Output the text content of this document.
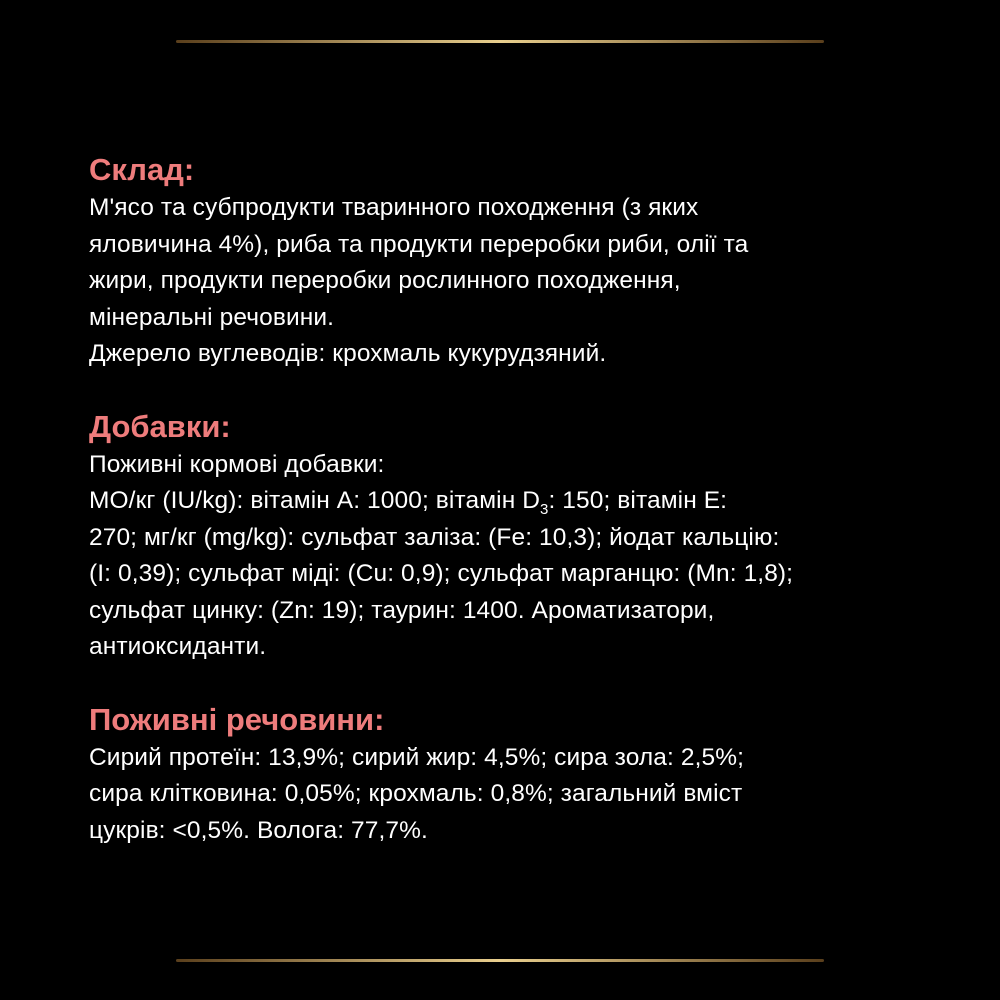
Склад:

М'ясо та субпродукти тваринного походження (з яких
яловичина 4%), риба та продукти переробки риби, олії та
жири, продукти переробки рослинного походження,
мінеральні речовини.
Джерело вуглеводів: крохмаль кукурудзяний.

Добавки:

Поживні кормові добавки:
МО/кг (IU/kg): вітамін А: 1000; вітамін $D_3$: 150; вітамін Е:
270; мг/кг (mg/kg): сульфат заліза: (Fe: 10,3); йодат кальцію:
(I: 0,39); сульфат міді: (Cu: 0,9); сульфат марганцю: (Mn: 1,8);
сульфат цинку: (Zn: 19); таурин: 1400. Ароматизатори,
антиоксиданти.

Поживні речовини:

Сирий протеїн: 13,9%; сирий жир: 4,5%; сира зола: 2,5%;
сира клітковина: 0,05%; крохмаль: 0,8%; загальний вміст
цукрів: <0,5%. Волога: 77,7%.
